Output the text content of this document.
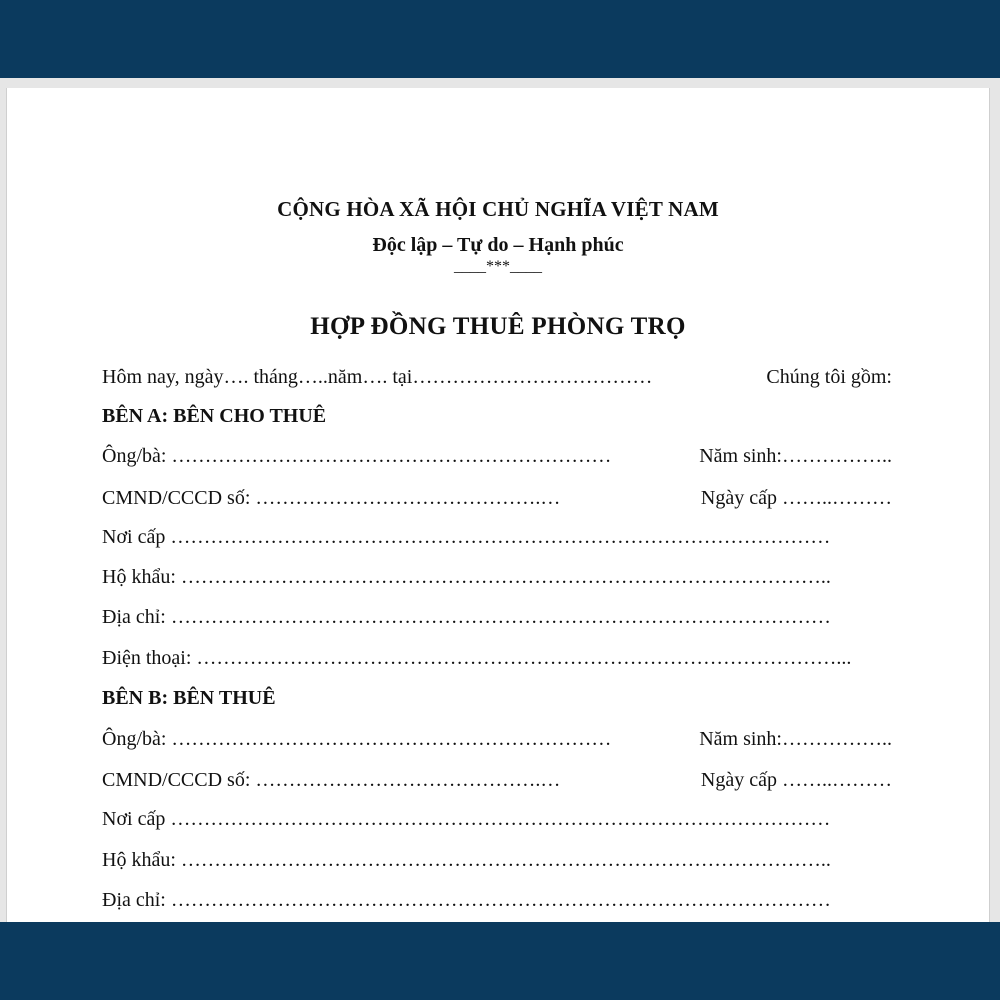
CỘNG HÒA XÃ HỘI CHỦ NGHĨA VIỆT NAM
Độc lập – Tự do – Hạnh phúc
____***____
HỢP ĐỒNG THUÊ PHÒNG TRỌ
Hôm nay, ngày…. tháng…..năm…. tại………………………………	Chúng tôi gồm:
BÊN A: BÊN CHO THUÊ
Ông/bà: …………………………………………………………	Năm sinh:……………..
CMND/CCCD số: …………………………………….…	Ngày cấp ……..………
Nơi cấp ………………………………………………………………………………………
Hộ khẩu: ……………………………………………………………………………………..
Địa chỉ: ………………………………………………………………………………………
Điện thoại: ……………………………………………………………………………………...
BÊN B: BÊN THUÊ
Ông/bà: …………………………………………………………	Năm sinh:……………..
CMND/CCCD số: …………………………………….…	Ngày cấp ……..………
Nơi cấp ………………………………………………………………………………………
Hộ khẩu: ……………………………………………………………………………………..
Địa chỉ: ………………………………………………………………………………………
